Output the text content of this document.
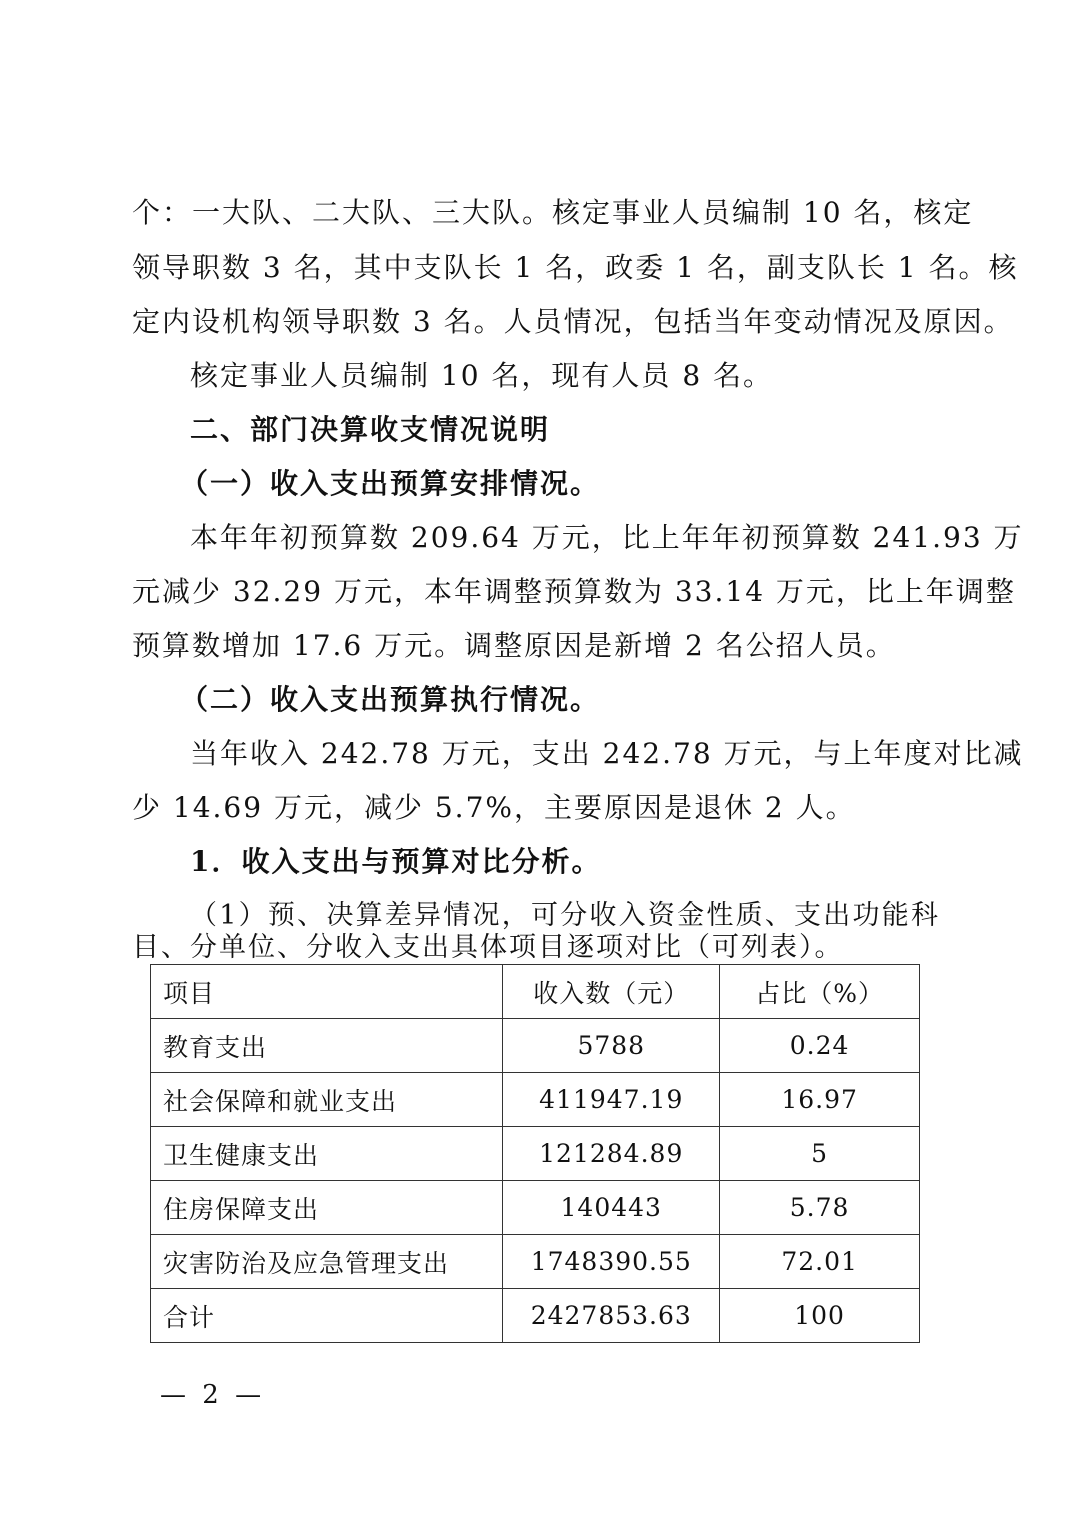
个：一大队、二大队、三大队。核定事业人员编制 10 名，核定
领导职数 3 名，其中支队长 1 名，政委 1 名，副支队长 1 名。核
定内设机构领导职数 3 名。人员情况，包括当年变动情况及原因。
核定事业人员编制 10 名，现有人员 8 名。
二、部门决算收支情况说明
（一）收入支出预算安排情况。
本年年初预算数 209.64 万元，比上年年初预算数 241.93 万
元减少 32.29 万元，本年调整预算数为 33.14 万元，比上年调整
预算数增加 17.6 万元。调整原因是新增 2 名公招人员。
（二）收入支出预算执行情况。
当年收入 242.78 万元，支出 242.78 万元，与上年度对比减
少 14.69 万元，减少 5.7%，主要原因是退休 2 人。
1．收入支出与预算对比分析。
（1）预、决算差异情况，可分收入资金性质、支出功能科
目、分单位、分收入支出具体项目逐项对比（可列表）。
项目	收入数（元）	占比（%）
教育支出	5788	0.24
社会保障和就业支出	411947.19	16.97
卫生健康支出	121284.89	5
住房保障支出	140443	5.78
灾害防治及应急管理支出	1748390.55	72.01
合计	2427853.63	100
— 2 —
